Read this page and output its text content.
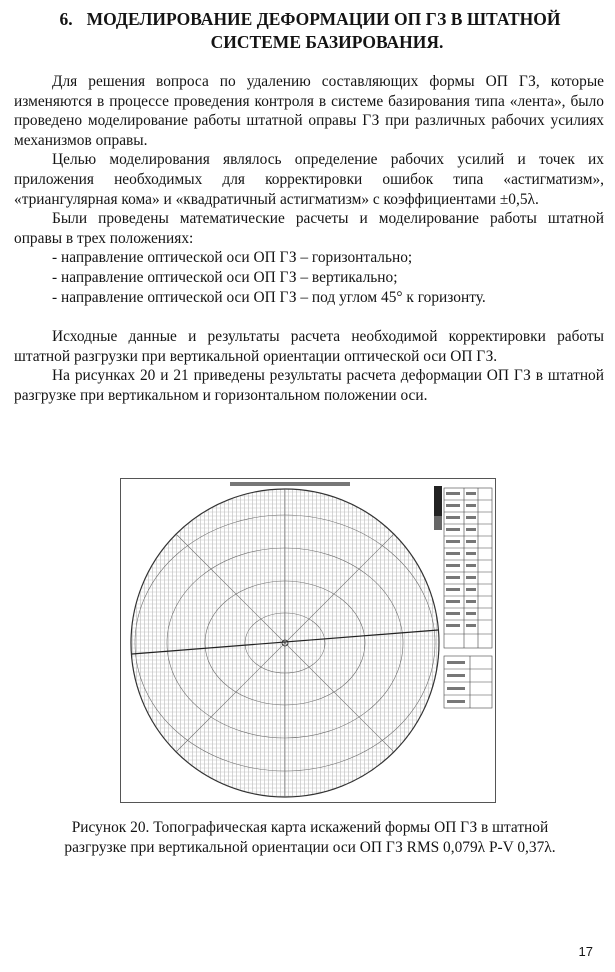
6. МОДЕЛИРОВАНИЕ ДЕФОРМАЦИИ ОП ГЗ В ШТАТНОЙ
СИСТЕМЕ БАЗИРОВАНИЯ.

Для решения вопроса по удалению составляющих формы ОП ГЗ, которые изменяются в процессе проведения контроля в системе базирования типа «лента», было проведено моделирование работы штатной оправы ГЗ при различных рабочих усилиях механизмов оправы.

Целью моделирования являлось определение рабочих усилий и точек их приложения необходимых для корректировки ошибок типа «астигматизм», «триангулярная кома» и «квадратичный астигматизм» с коэффициентами ±0,5λ.

Были проведены математические расчеты и моделирование работы штатной оправы в трех положениях:

- направление оптической оси ОП ГЗ – горизонтально;
- направление оптической оси ОП ГЗ – вертикально;
- направление оптической оси ОП ГЗ – под углом 45° к горизонту.

Исходные данные и результаты расчета необходимой корректировки работы штатной разгрузки при вертикальной ориентации оптической оси ОП ГЗ.

На рисунках 20 и 21 приведены результаты расчета деформации ОП ГЗ в штатной разгрузке при вертикальном и горизонтальном положении оси.

Рисунок 20. Топографическая карта искажений формы ОП ГЗ в штатной
разгрузке при вертикальной ориентации оси ОП ГЗ RMS 0,079λ P-V 0,37λ.
17
